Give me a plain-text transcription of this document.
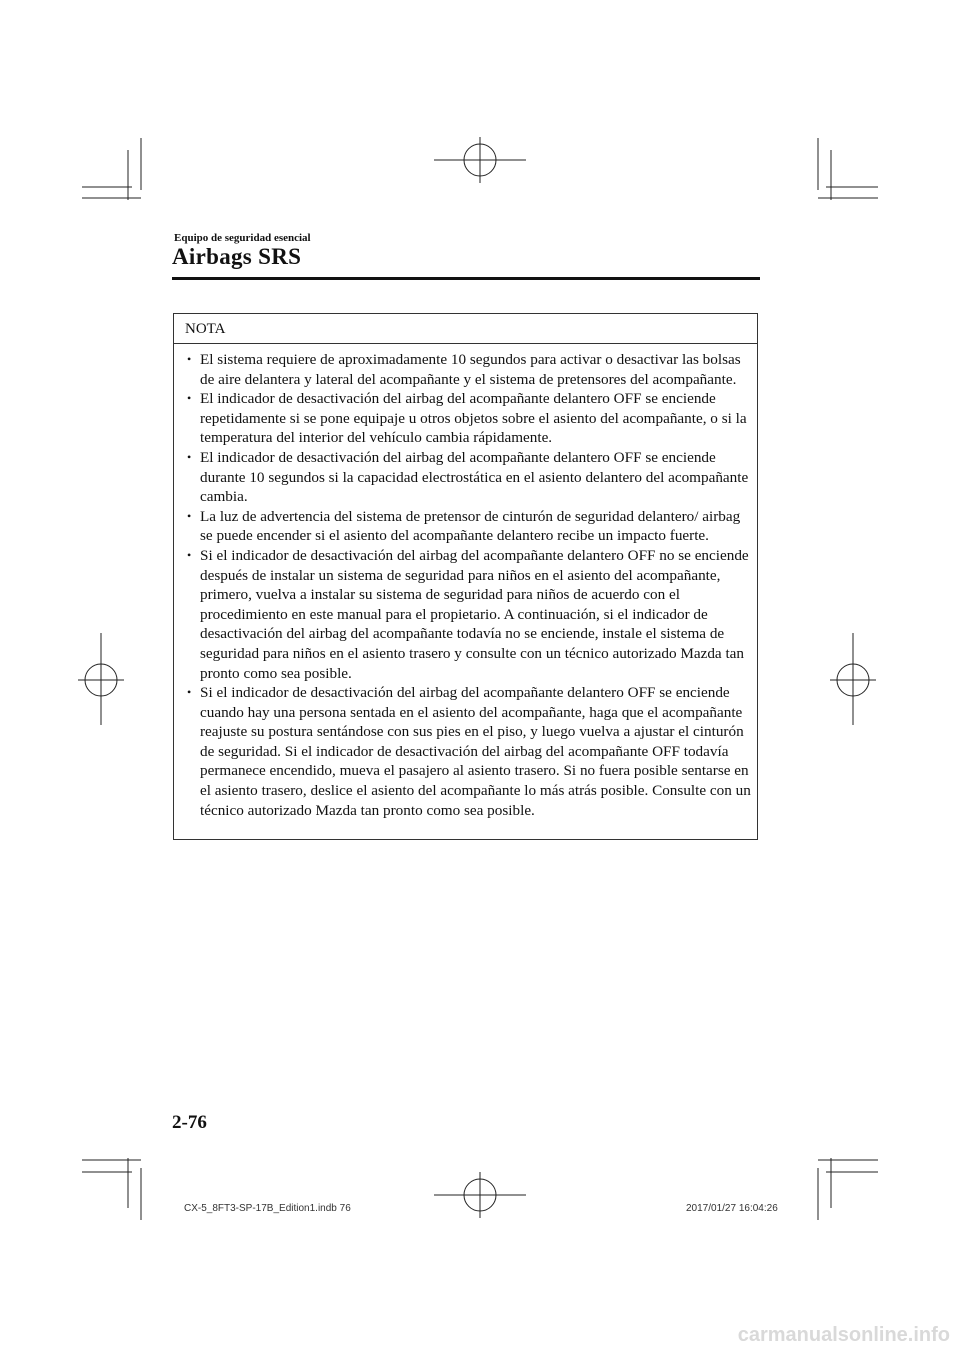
Equipo de seguridad esencial
Airbags SRS
NOTA
• El sistema requiere de aproximadamente 10 segundos para activar o desactivar las bolsas de aire delantera y lateral del acompañante y el sistema de pretensores del acompañante.
• El indicador de desactivación del airbag del acompañante delantero OFF se enciende repetidamente si se pone equipaje u otros objetos sobre el asiento del acompañante, o si la temperatura del interior del vehículo cambia rápidamente.
• El indicador de desactivación del airbag del acompañante delantero OFF se enciende durante 10 segundos si la capacidad electrostática en el asiento delantero del acompañante cambia.
• La luz de advertencia del sistema de pretensor de cinturón de seguridad delantero/ airbag se puede encender si el asiento del acompañante delantero recibe un impacto fuerte.
• Si el indicador de desactivación del airbag del acompañante delantero OFF no se enciende después de instalar un sistema de seguridad para niños en el asiento del acompañante, primero, vuelva a instalar su sistema de seguridad para niños de acuerdo con el procedimiento en este manual para el propietario. A continuación, si el indicador de desactivación del airbag del acompañante todavía no se enciende, instale el sistema de seguridad para niños en el asiento trasero y consulte con un técnico autorizado Mazda tan pronto como sea posible.
• Si el indicador de desactivación del airbag del acompañante delantero OFF se enciende cuando hay una persona sentada en el asiento del acompañante, haga que el acompañante reajuste su postura sentándose con sus pies en el piso, y luego vuelva a ajustar el cinturón de seguridad. Si el indicador de desactivación del airbag del acompañante OFF todavía permanece encendido, mueva el pasajero al asiento trasero. Si no fuera posible sentarse en el asiento trasero, deslice el asiento del acompañante lo más atrás posible. Consulte con un técnico autorizado Mazda tan pronto como sea posible.
2-76
CX-5_8FT3-SP-17B_Edition1.indb 76	2017/01/27 16:04:26
carmanualsonline.info
